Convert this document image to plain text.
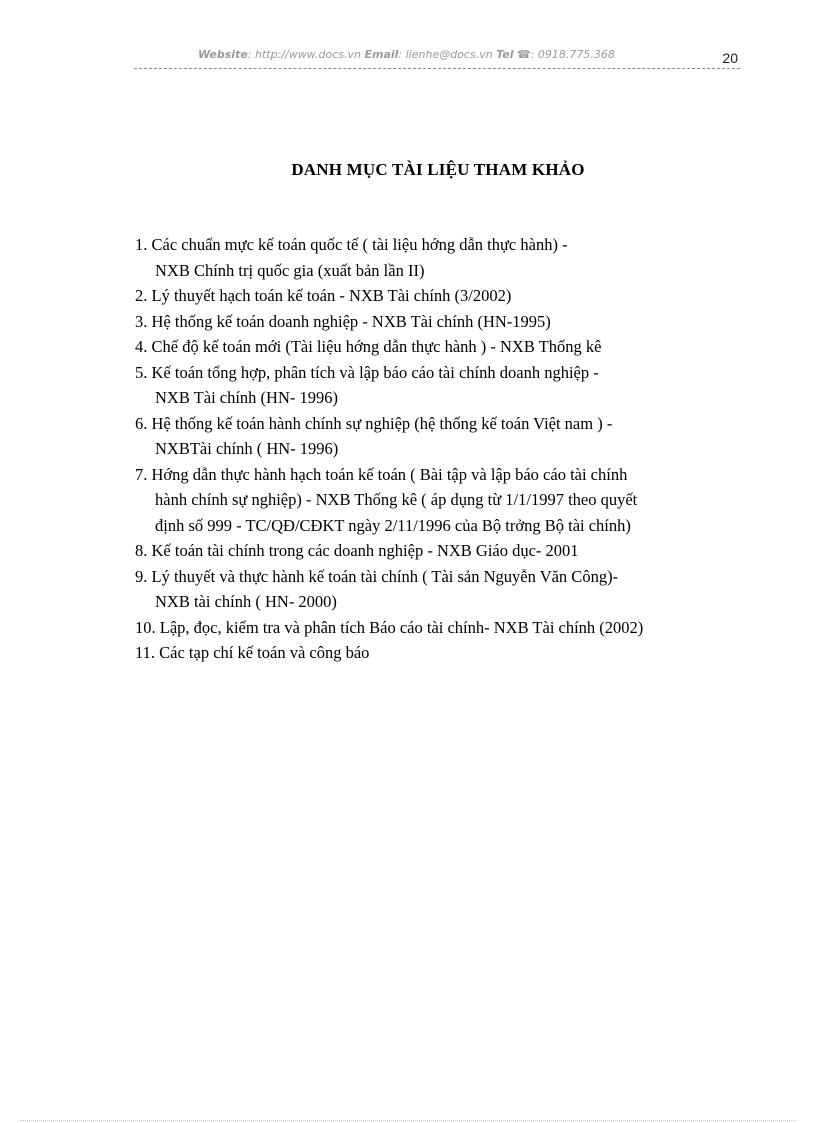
Website: http://www.docs.vn Email: lienhe@docs.vn Tel ☎: 0918.775.368	20
DANH MỤC TÀI LIỆU THAM KHẢO
1. Các chuẩn mực kế toán quốc tế ( tài liệu hớng dẫn thực hành) -
NXB Chính trị quốc gia (xuất bản lần II)
2. Lý thuyết hạch toán kế toán - NXB Tài chính (3/2002)
3. Hệ thống kế toán doanh nghiệp - NXB Tài chính (HN-1995)
4. Chế độ kế toán mới (Tài liệu hớng dẫn thực hành ) - NXB Thống kê
5. Kế toán tổng hợp, phân tích và lập báo cáo tài chính doanh nghiệp -
NXB Tài chính (HN- 1996)
6. Hệ thống kế toán hành chính sự nghiệp (hệ thống kế toán Việt nam ) -
NXBTài chính ( HN- 1996)
7. Hớng dẫn thực hành hạch toán kế toán ( Bài tập và lập báo cáo tài chính
hành chính sự nghiệp) - NXB Thống kê ( áp dụng từ 1/1/1997 theo quyết
định số 999 - TC/QĐ/CĐKT ngày 2/11/1996 của Bộ trởng Bộ tài chính)
8. Kế toán tài chính trong các doanh nghiệp - NXB Giáo dục- 2001
9. Lý thuyết và thực hành kế toán tài chính ( Tài sản Nguyễn Văn Công)-
NXB tài chính ( HN- 2000)
10. Lập, đọc, kiểm tra và phân tích Báo cáo tài chính- NXB Tài chính (2002)
11. Các tạp chí kế toán và công báo
